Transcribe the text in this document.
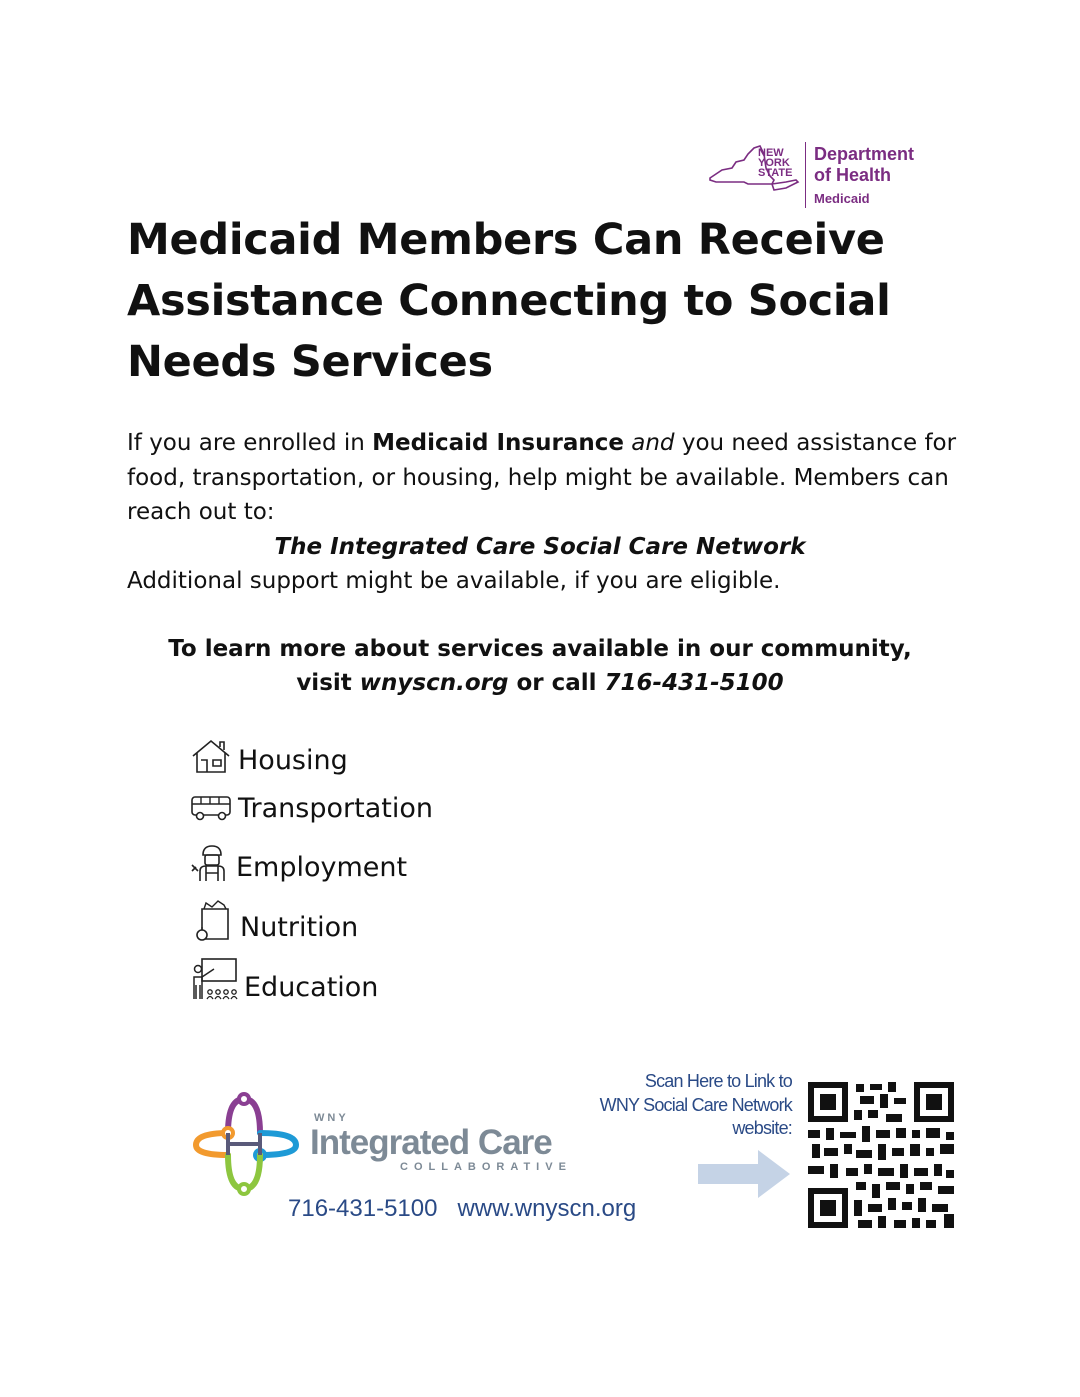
NEW
YORK
STATE
Department
of Health
Medicaid
Medicaid Members Can Receive Assistance Connecting to Social Needs Services

If you are enrolled in Medicaid Insurance and you need assistance for food, transportation, or housing, help might be available. Members can reach out to:

The Integrated Care Social Care Network

Additional support might be available, if you are eligible.

To learn more about services available in our community,

visit wnyscn.org or call 716-431-5100

Housing
Transportation
Employment
Nutrition
Education
WNY
Integrated Care
COLLABORATIVE
716-431-5100 www.wnyscn.org

Scan Here to Link to

WNY Social Care Network

website:
